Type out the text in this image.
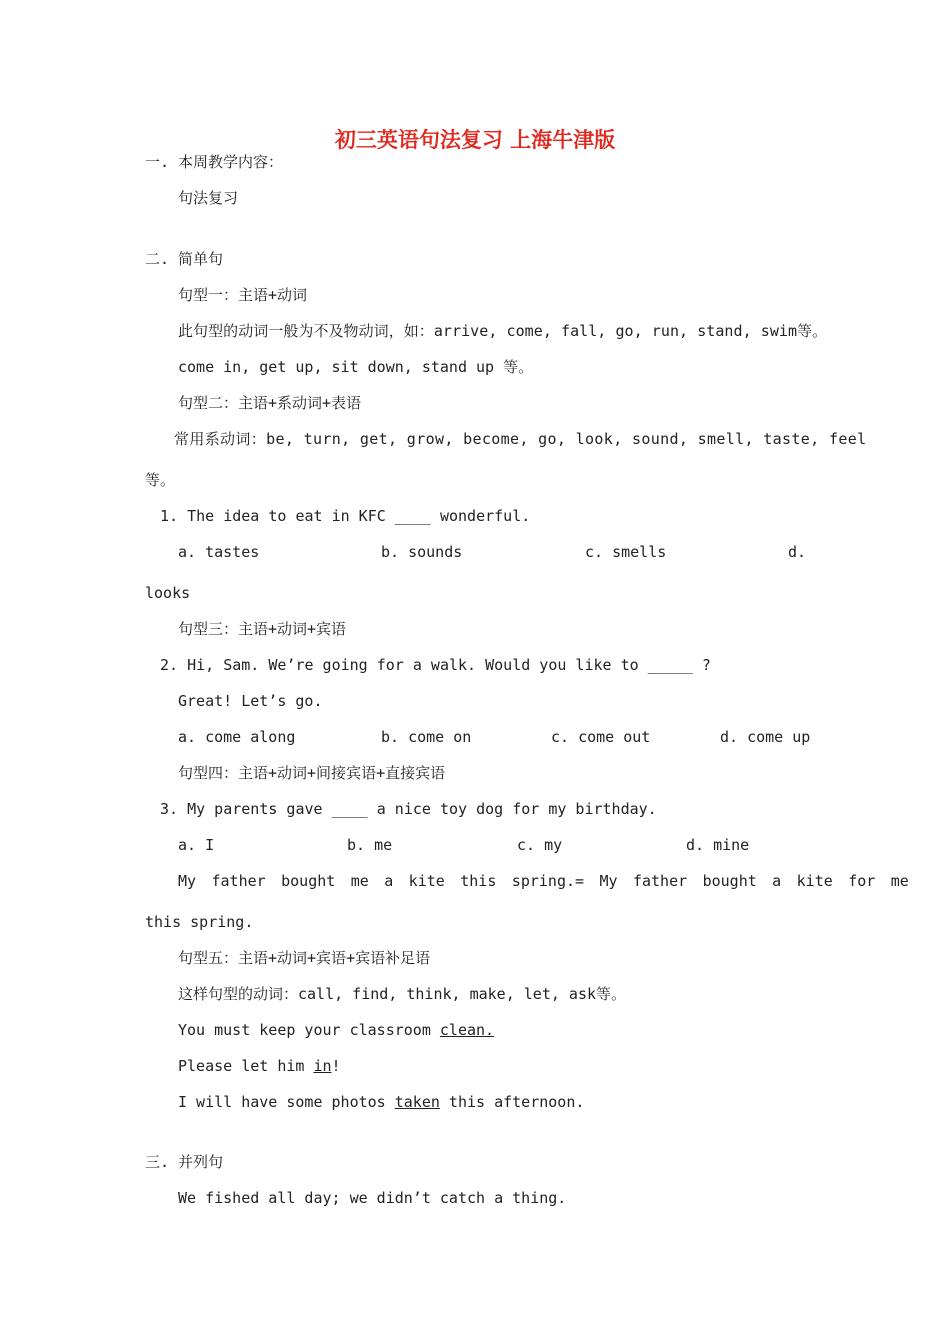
初三英语句法复习 上海牛津版
一. 本周教学内容：
句法复习
二. 简单句
句型一：主语+动词
此句型的动词一般为不及物动词，如：arrive, come, fall, go, run, stand, swim等。
come in, get up, sit down, stand up 等。
句型二：主语+系动词+表语
常用系动词：be, turn, get, grow, become, go, look, sound, smell, taste, feel
等。
1. The idea to eat in KFC ____ wonderful.
a. tastes	b. sounds	c. smells	d.
looks
句型三：主语+动词+宾语
2. Hi, Sam. We’re going for a walk. Would you like to _____ ?
Great! Let’s go.
a. come along	b. come on	c. come out	d. come up
句型四：主语+动词+间接宾语+直接宾语
3. My parents gave ____ a nice toy dog for my birthday.
a. I	b. me	c. my	d. mine
My father bought me a kite this spring.= My father bought a kite for me
this spring.
句型五：主语+动词+宾语+宾语补足语
这样句型的动词：call, find, think, make, let, ask等。
You must keep your classroom clean.
Please let him in!
I will have some photos taken this afternoon.
三. 并列句
We fished all day; we didn’t catch a thing.
